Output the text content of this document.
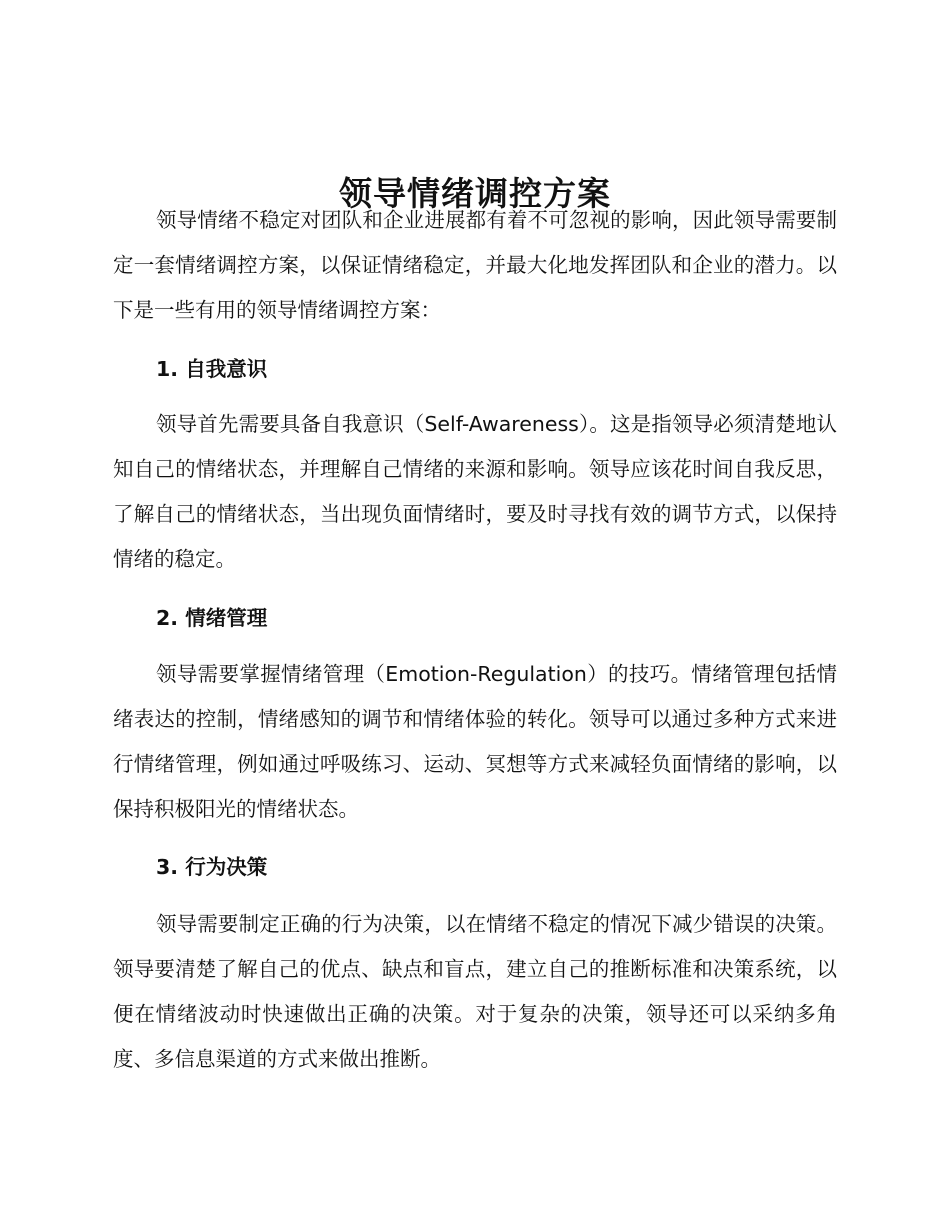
领导情绪调控方案

领导情绪不稳定对团队和企业进展都有着不可忽视的影响，因此领导需要制定一套情绪调控方案，以保证情绪稳定，并最大化地发挥团队和企业的潜力。以下是一些有用的领导情绪调控方案：

1. 自我意识

领导首先需要具备自我意识（Self-Awareness）。这是指领导必须清楚地认知自己的情绪状态，并理解自己情绪的来源和影响。领导应该花时间自我反思，了解自己的情绪状态，当出现负面情绪时，要及时寻找有效的调节方式，以保持情绪的稳定。

2. 情绪管理

领导需要掌握情绪管理（Emotion-Regulation）的技巧。情绪管理包括情绪表达的控制，情绪感知的调节和情绪体验的转化。领导可以通过多种方式来进行情绪管理，例如通过呼吸练习、运动、冥想等方式来减轻负面情绪的影响，以保持积极阳光的情绪状态。

3. 行为决策

领导需要制定正确的行为决策，以在情绪不稳定的情况下减少错误的决策。领导要清楚了解自己的优点、缺点和盲点，建立自己的推断标准和决策系统，以便在情绪波动时快速做出正确的决策。对于复杂的决策，领导还可以采纳多角度、多信息渠道的方式来做出推断。
